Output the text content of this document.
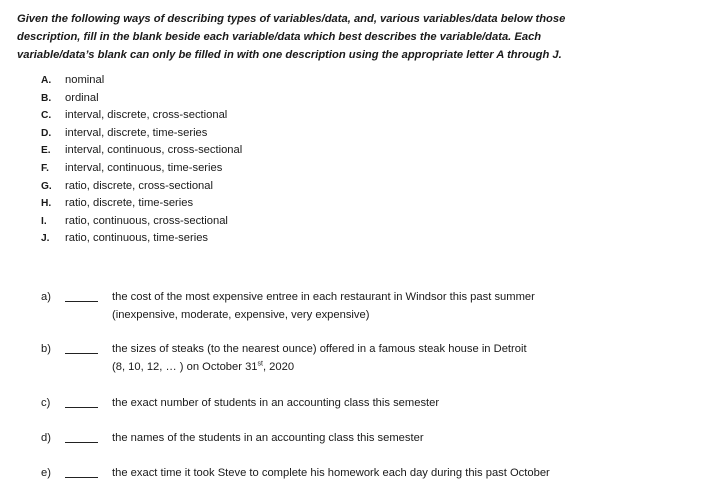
Given the following ways of describing types of variables/data, and, various variables/data below those description, fill in the blank beside each variable/data which best describes the variable/data. Each variable/data’s blank can only be filled in with one description using the appropriate letter A through J.

A. nominal
B. ordinal
C. interval, discrete, cross-sectional
D. interval, discrete, time-series
E. interval, continuous, cross-sectional
F. interval, continuous, time-series
G. ratio, discrete, cross-sectional
H. ratio, discrete, time-series
I. ratio, continuous, cross-sectional
J. ratio, continuous, time-series
a)	the cost of the most expensive entree in each restaurant in Windsor this past summer
(inexpensive, moderate, expensive, very expensive)
b)	the sizes of steaks (to the nearest ounce) offered in a famous steak house in Detroit
(8, 10, 12, … ) on October 31st, 2020
c)	the exact number of students in an accounting class this semester
d)	the names of the students in an accounting class this semester
e)	the exact time it took Steve to complete his homework each day during this past October
